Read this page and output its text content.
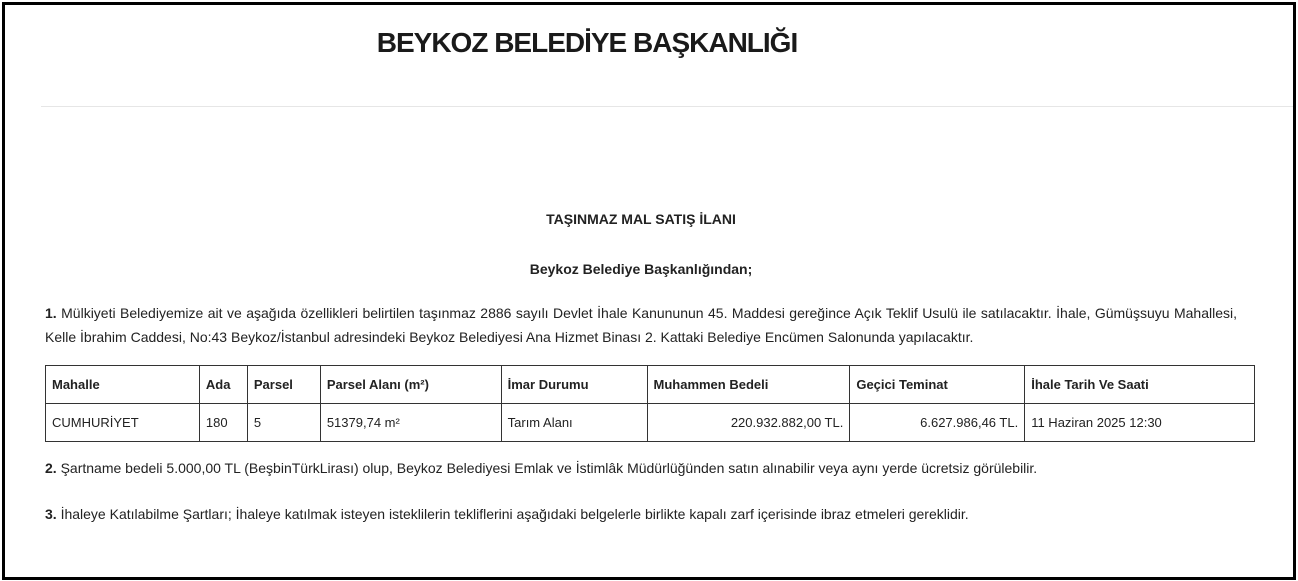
BEYKOZ BELEDİYE BAŞKANLIĞI
TAŞINMAZ MAL SATIŞ İLANI
Beykoz Belediye Başkanlığından;

1. Mülkiyeti Belediyemize ait ve aşağıda özellikleri belirtilen taşınmaz 2886 sayılı Devlet İhale Kanununun 45. Maddesi gereğince Açık Teklif Usulü ile satılacaktır. İhale, Gümüşsuyu Mahallesi, Kelle İbrahim Caddesi, No:43 Beykoz/İstanbul adresindeki Beykoz Belediyesi Ana Hizmet Binası 2. Kattaki Belediye Encümen Salonunda yapılacaktır.

Mahalle	Ada	Parsel	Parsel Alanı (m²)	İmar Durumu	Muhammen Bedeli	Geçici Teminat	İhale Tarih Ve Saati
CUMHURİYET	180	5	51379,74 m²	Tarım Alanı	220.932.882,00 TL.	6.627.986,46 TL.	11 Haziran 2025 12:30

2. Şartname bedeli 5.000,00 TL (BeşbinTürkLirası) olup, Beykoz Belediyesi Emlak ve İstimlâk Müdürlüğünden satın alınabilir veya aynı yerde ücretsiz görülebilir.

3. İhaleye Katılabilme Şartları; İhaleye katılmak isteyen isteklilerin tekliflerini aşağıdaki belgelerle birlikte kapalı zarf içerisinde ibraz etmeleri gereklidir.
